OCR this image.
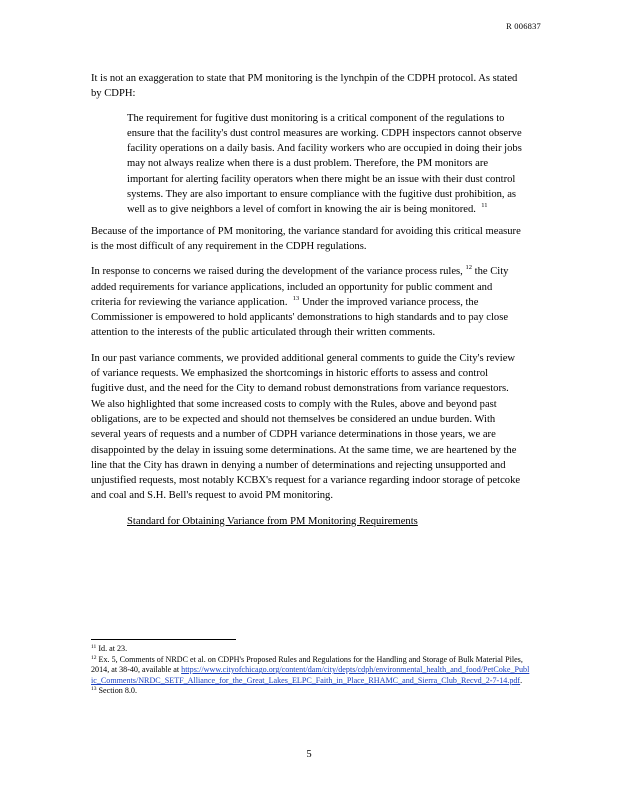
R 006837

It is not an exaggeration to state that PM monitoring is the lynchpin of the CDPH protocol. As stated by CDPH:

The requirement for fugitive dust monitoring is a critical component of the regulations to ensure that the facility's dust control measures are working. CDPH inspectors cannot observe facility operations on a daily basis. And facility workers who are occupied in doing their jobs may not always realize when there is a dust problem. Therefore, the PM monitors are important for alerting facility operators when there might be an issue with their dust control systems. They are also important to ensure compliance with the fugitive dust prohibition, as well as to give neighbors a level of comfort in knowing the air is being monitored. $^{11}$

Because of the importance of PM monitoring, the variance standard for avoiding this critical measure is the most difficult of any requirement in the CDPH regulations.

In response to concerns we raised during the development of the variance process rules, $^{12}$ the City added requirements for variance applications, included an opportunity for public comment and criteria for reviewing the variance application. $^{13}$ Under the improved variance process, the Commissioner is empowered to hold applicants' demonstrations to high standards and to pay close attention to the interests of the public articulated through their written comments.

In our past variance comments, we provided additional general comments to guide the City's review of variance requests. We emphasized the shortcomings in historic efforts to assess and control fugitive dust, and the need for the City to demand robust demonstrations from variance requestors. We also highlighted that some increased costs to comply with the Rules, above and beyond past obligations, are to be expected and should not themselves be considered an undue burden. With several years of requests and a number of CDPH variance determinations in those years, we are disappointed by the delay in issuing some determinations. At the same time, we are heartened by the line that the City has drawn in denying a number of determinations and rejecting unsupported and unjustified requests, most notably KCBX's request for a variance regarding indoor storage of petcoke and coal and S.H. Bell's request to avoid PM monitoring.

Standard for Obtaining Variance from PM Monitoring Requirements

$^{11}$ Id. at 23.

$^{12}$ Ex. 5, Comments of NRDC et al. on CDPH's Proposed Rules and Regulations for the Handling and Storage of Bulk Material Piles, 2014, at 38-40, available at https://www.cityofchicago.org/content/dam/city/depts/cdph/environmental_health_and_food/PetCoke_Public_Comments/NRDC_SETF_Alliance_for_the_Great_Lakes_ELPC_Faith_in_Place_RHAMC_and_Sierra_Club_Recvd_2-7-14.pdf.

$^{13}$ Section 8.0.

5
